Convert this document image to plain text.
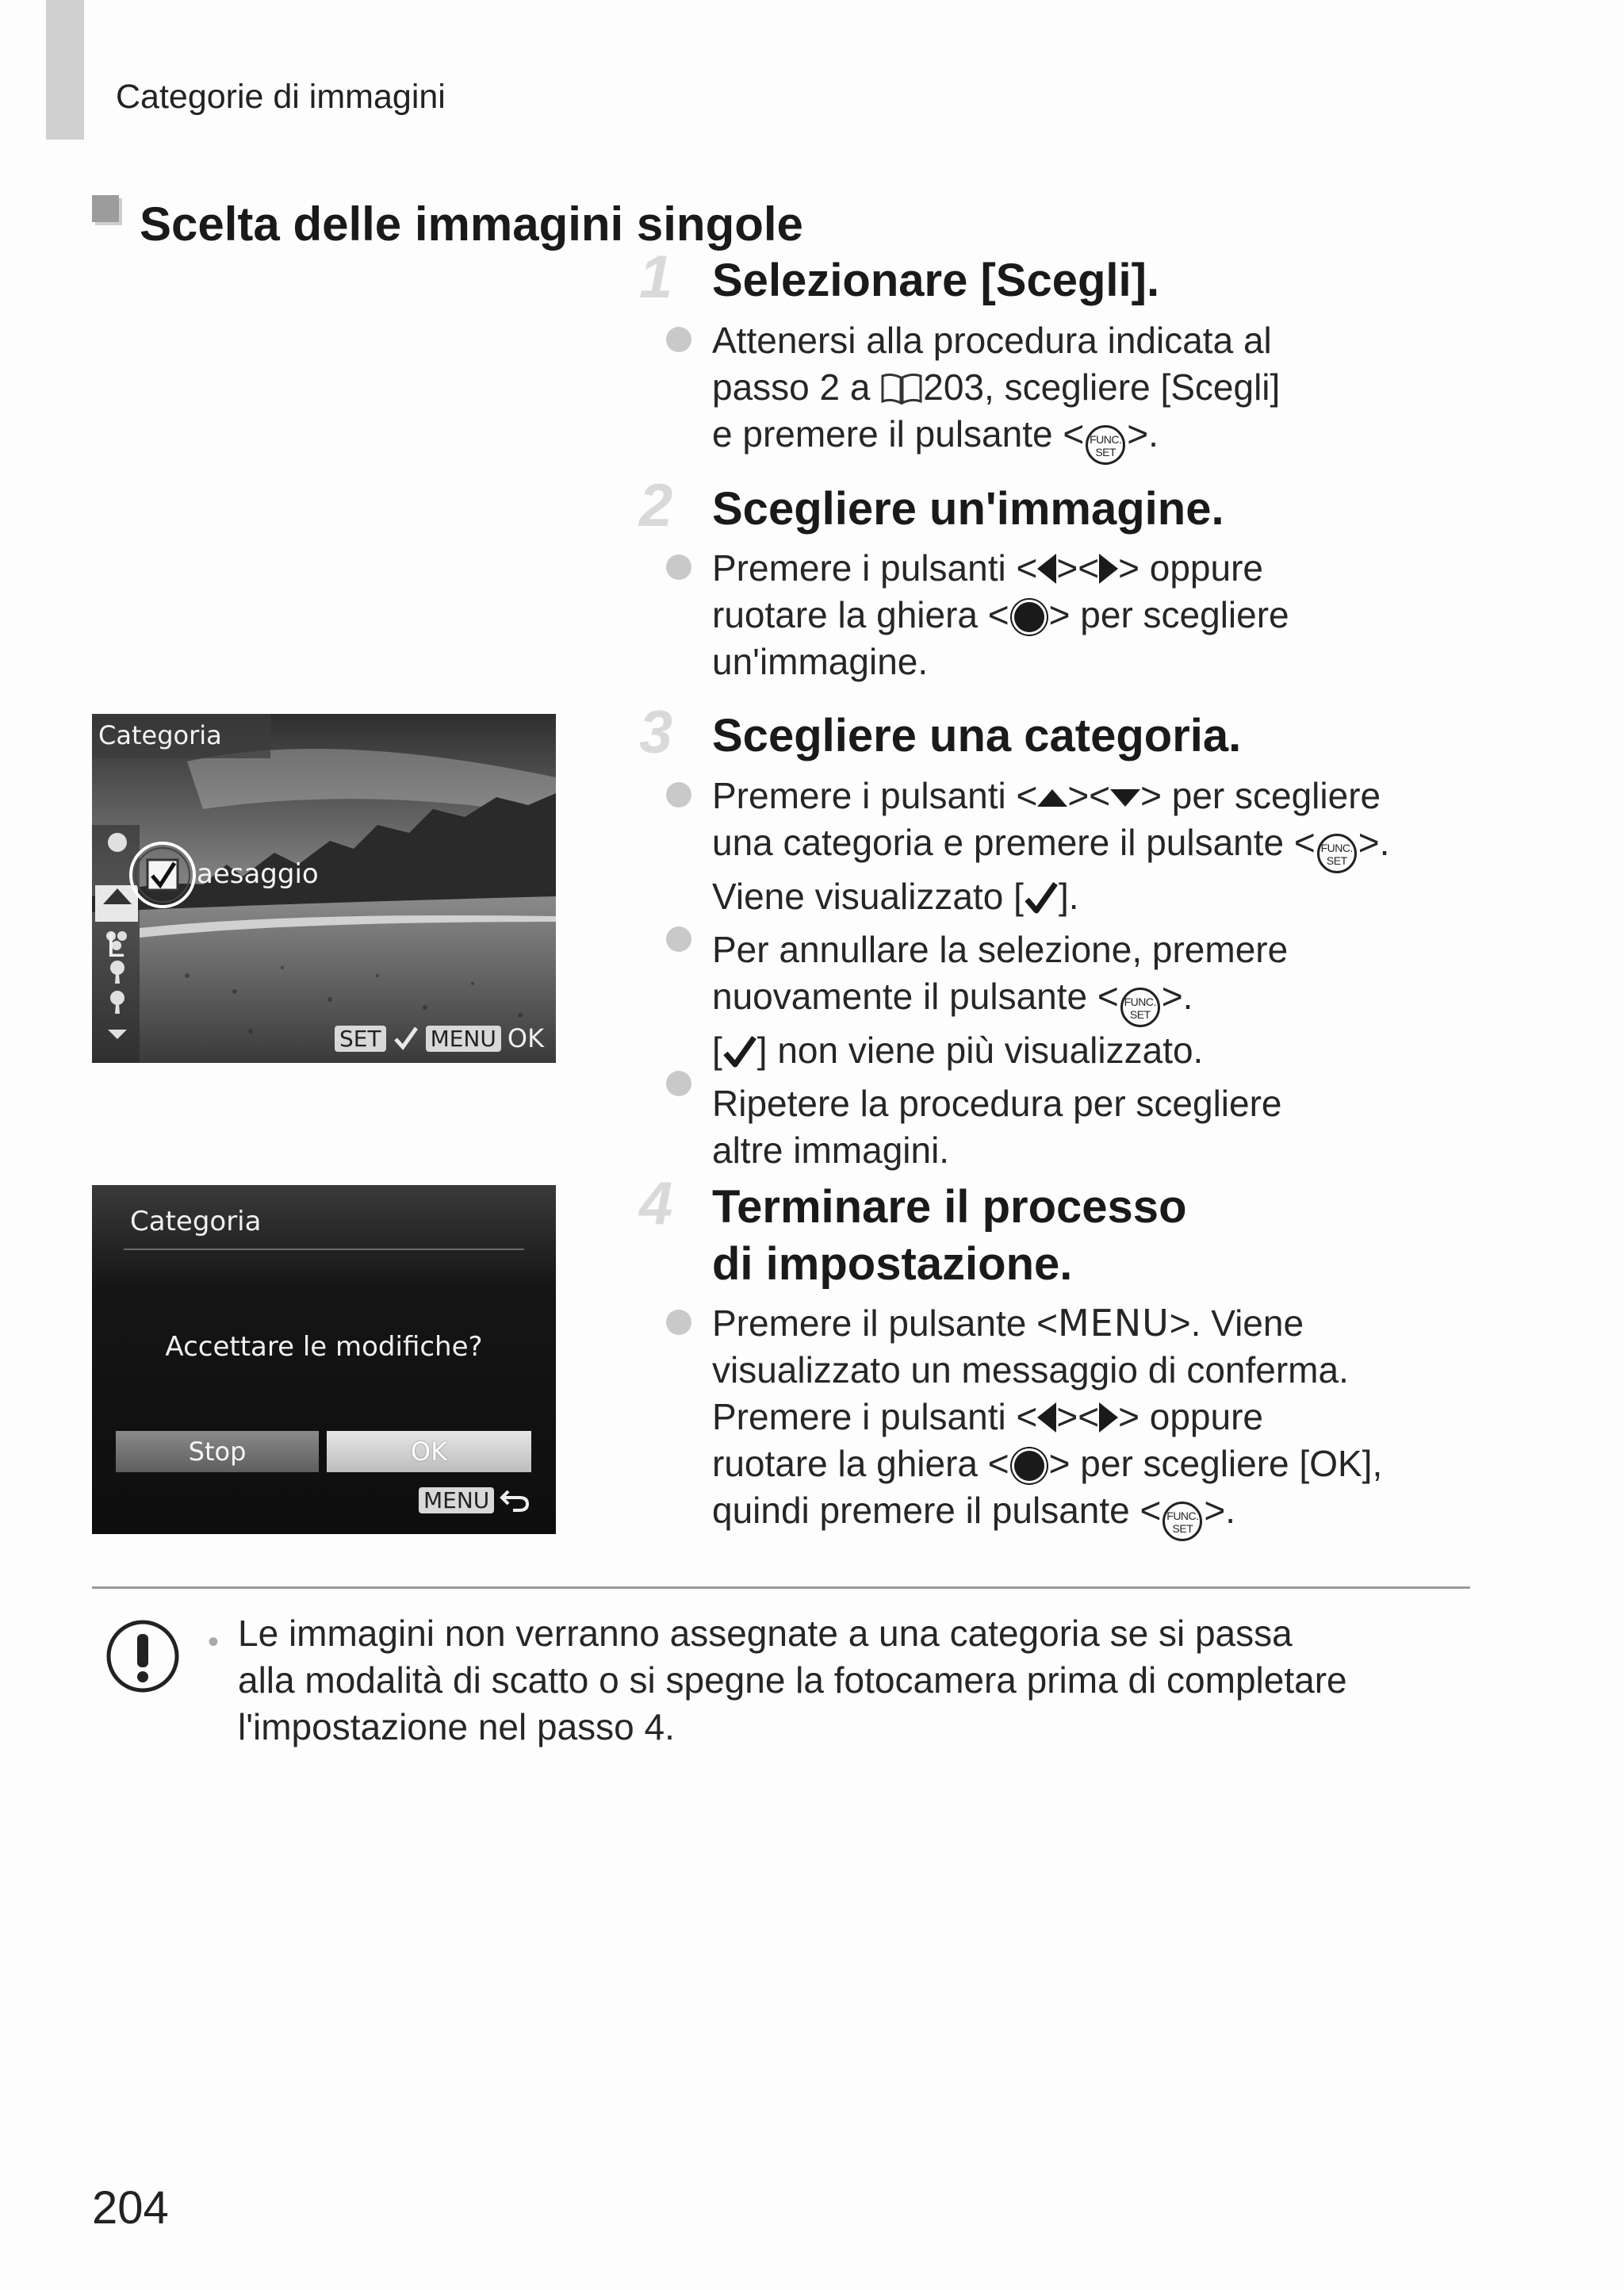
Categorie di immagini
Scelta delle immagini singole
1 Selezionare [Scegli].
Attenersi alla procedura indicata al
passo 2 a 203, scegliere [Scegli]
e premere il pulsante < FUNC.
SET >.
2 Scegliere un'immagine.
Premere i pulsanti < >< > oppure
ruotare la ghiera < > per scegliere
un'immagine.
3 Scegliere una categoria.
Premere i pulsanti < >< > per scegliere
una categoria e premere il pulsante < FUNC.
SET >.
Viene visualizzato [ ].
Per annullare la selezione, premere
nuovamente il pulsante < FUNC.
SET >.
[ ] non viene più visualizzato.
Ripetere la procedura per scegliere
altre immagini.
4 Terminare il processo
di impostazione.
Premere il pulsante <MENU>. Viene
visualizzato un messaggio di conferma.
Premere i pulsanti < >< > oppure
ruotare la ghiera < > per scegliere [OK],
quindi premere il pulsante < FUNC.
SET >.
Categoria
L
aesaggio
SET MENU OK
Categoria
Accettare le modifiche?
Stop	OK
MENU
• Le immagini non verranno assegnate a una categoria se si passa
alla modalità di scatto o si spegne la fotocamera prima di completare
l'impostazione nel passo 4.
204
